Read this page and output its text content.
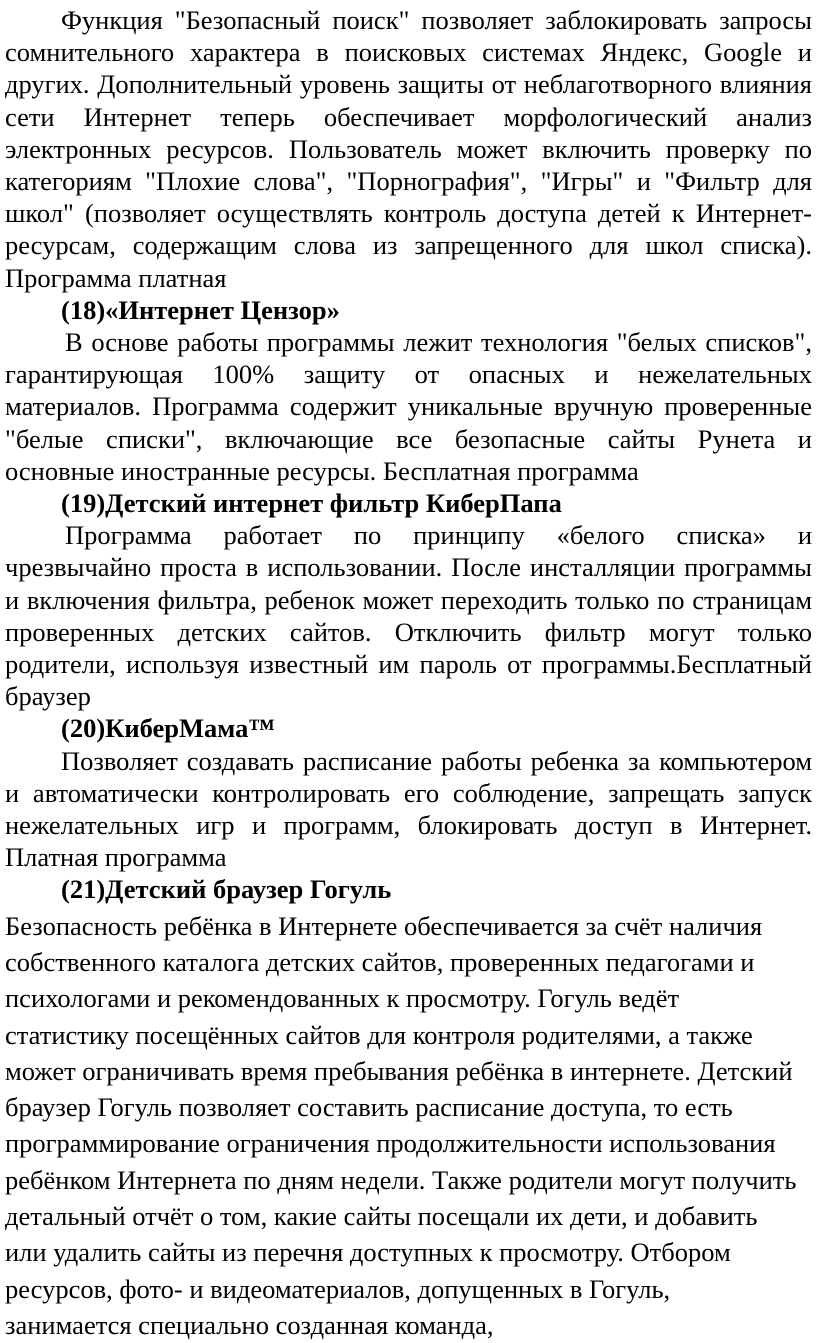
Функция "Безопасный поиск" позволяет заблокировать запросы сомнительного характера в поисковых системах Яндекс, Google и других. Дополнительный уровень защиты от неблаготворного влияния сети Интернет теперь обеспечивает морфологический анализ электронных ресурсов. Пользователь может включить проверку по категориям "Плохие слова", "Порнография", "Игры" и "Фильтр для школ" (позволяет осуществлять контроль доступа детей к Интернет-ресурсам, содержащим слова из запрещенного для школ списка). Программа платная

(18)«Интернет Цензор»

В основе работы программы лежит технология "белых списков", гарантирующая 100% защиту от опасных и нежелательных материалов. Программа содержит уникальные вручную проверенные "белые списки", включающие все безопасные сайты Рунета и основные иностранные ресурсы. Бесплатная программа

(19)Детский интернет фильтр КиберПапа

Программа работает по принципу «белого списка» и чрезвычайно проста в использовании. После инсталляции программы и включения фильтра, ребенок может переходить только по страницам проверенных детских сайтов. Отключить фильтр могут только родители, используя известный им пароль от программы.Бесплатный браузер

(20)КиберМама™

Позволяет создавать расписание работы ребенка за компьютером и автоматически контролировать его соблюдение, запрещать запуск нежелательных игр и программ, блокировать доступ в Интернет. Платная программа

(21)Детский браузер Гогуль

Безопасность ребёнка в Интернете обеспечивается за счёт наличия
собственного каталога детских сайтов, проверенных педагогами и
психологами и рекомендованных к просмотру. Гогуль ведёт
статистику посещённых сайтов для контроля родителями, а также
может ограничивать время пребывания ребёнка в интернете. Детский
браузер Гогуль позволяет составить расписание доступа, то есть
программирование ограничения продолжительности использования
ребёнком Интернета по дням недели. Также родители могут получить
детальный отчёт о том, какие сайты посещали их дети, и добавить
или удалить сайты из перечня доступных к просмотру. Отбором
ресурсов, фото- и видеоматериалов, допущенных в Гогуль,
занимается специально созданная команда,
